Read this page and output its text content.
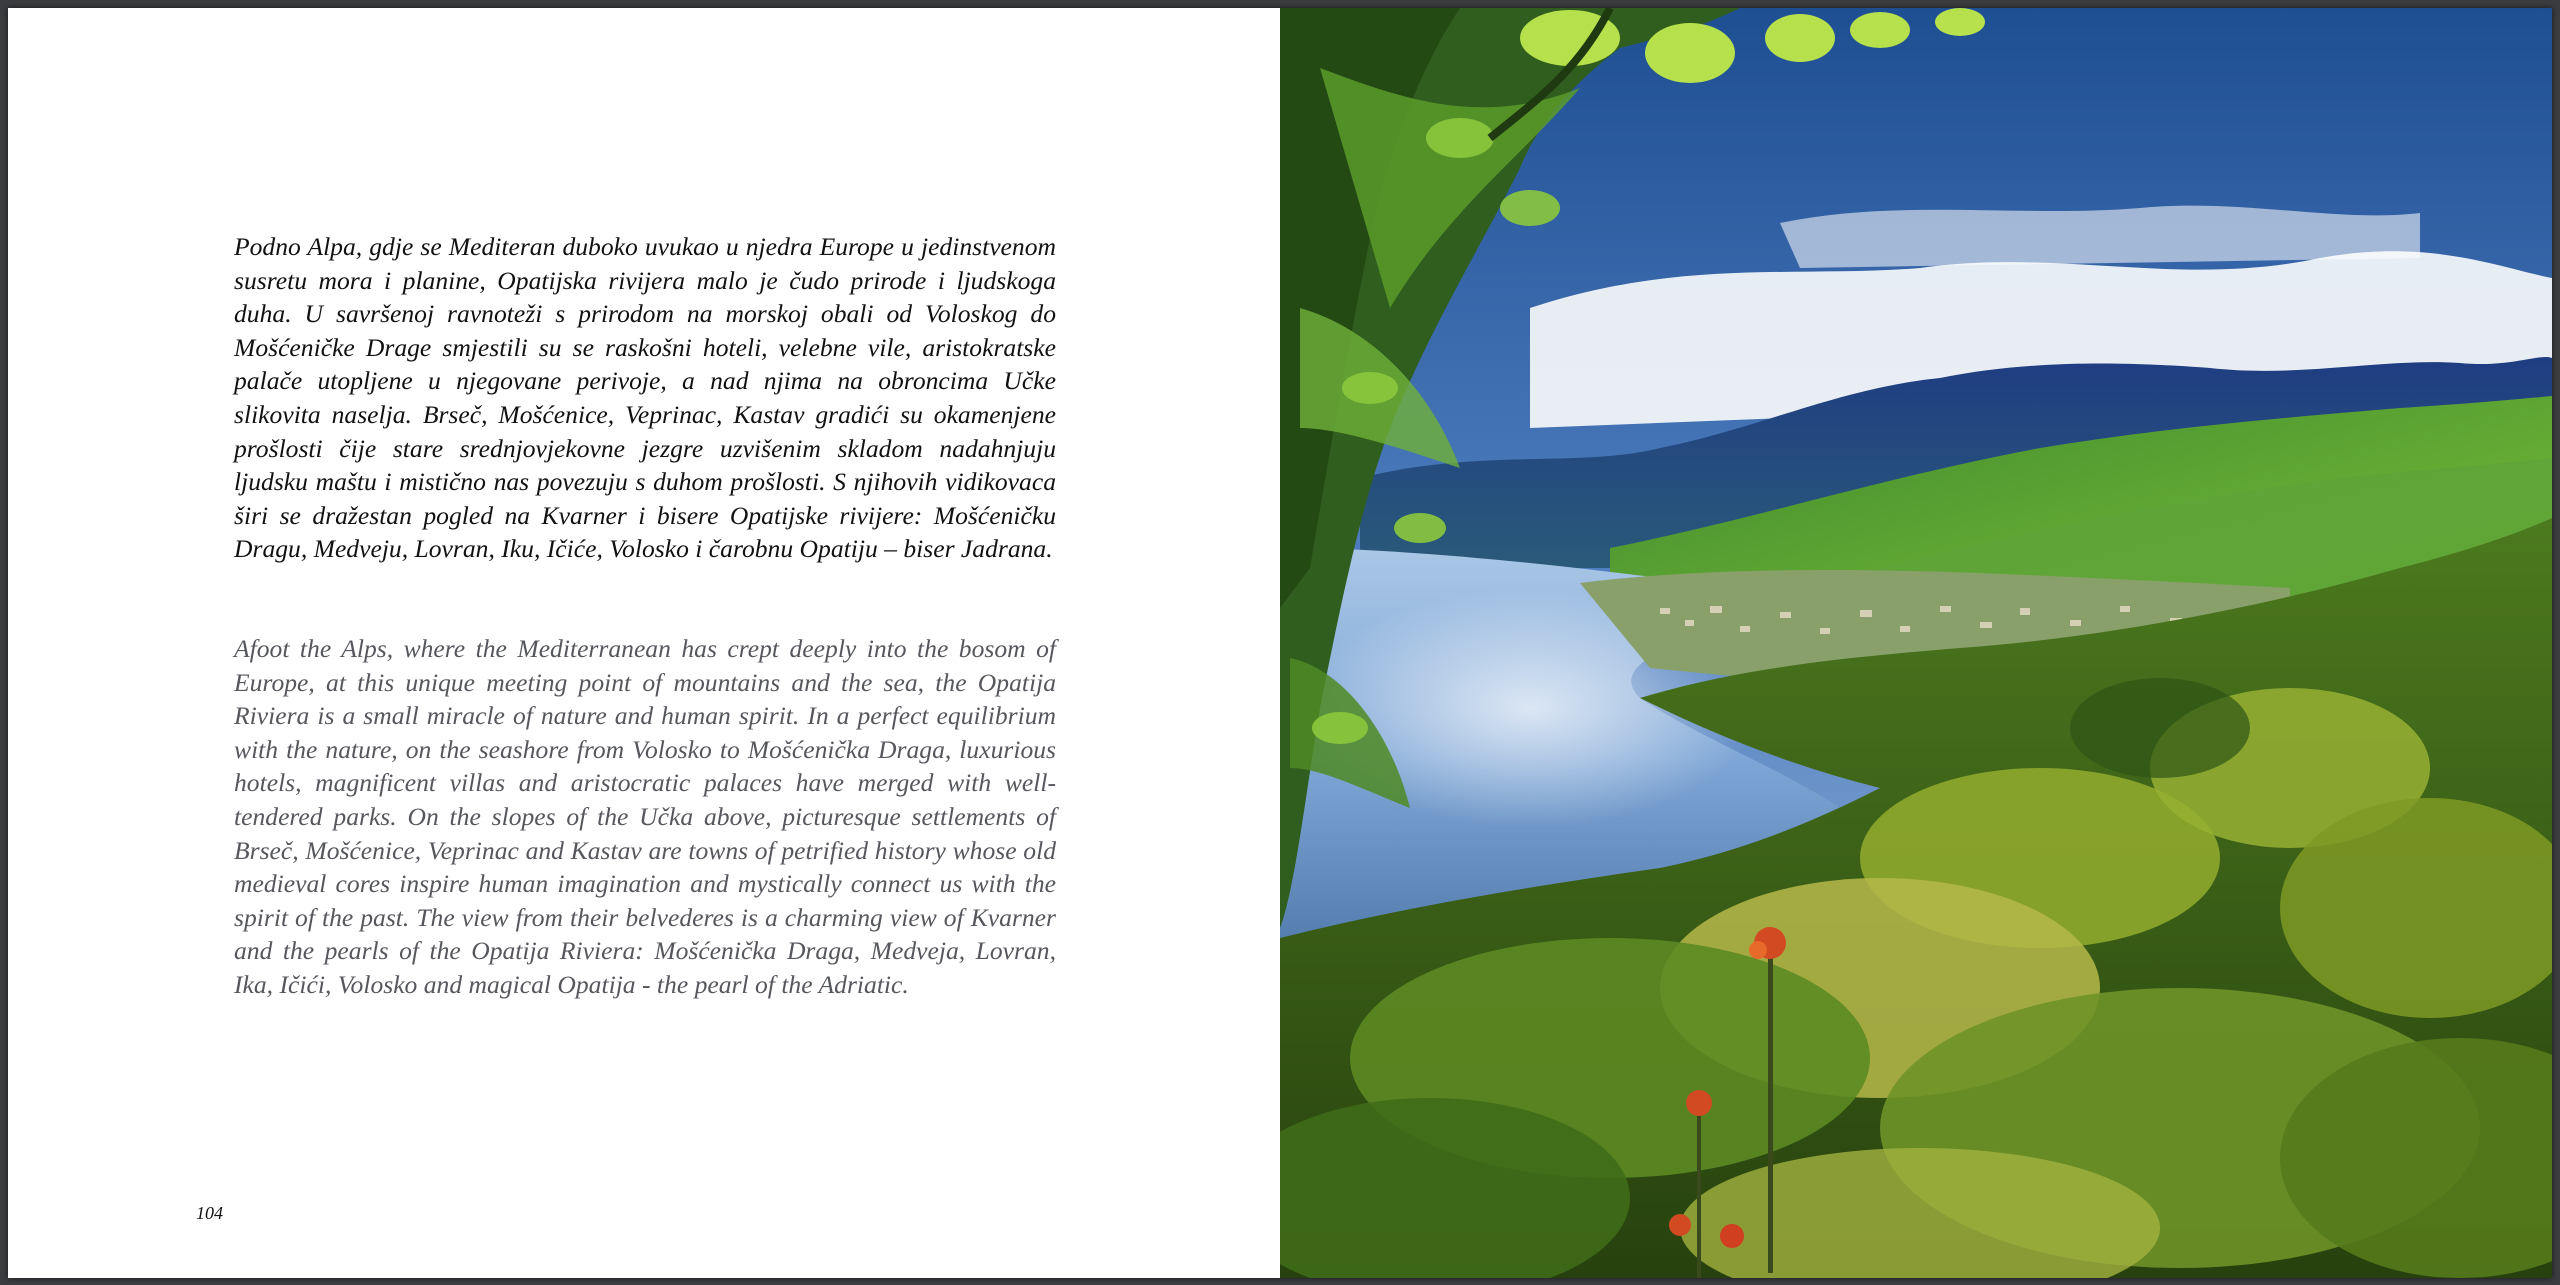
Podno Alpa, gdje se Mediteran duboko uvukao u njedra Europe u jedinstvenom susretu mora i planine, Opatijska rivijera malo je čudo prirode i ljudskoga duha. U savršenoj ravnoteži s prirodom na morskoj obali od Voloskog do Mošćeničke Drage smjestili su se raskošni hoteli, velebne vile, aristokratske palače utopljene u njegovane perivoje, a nad njima na obroncima Učke slikovita naselja. Brseč, Mošćenice, Veprinac, Kastav gradići su okamenjene prošlosti čije stare srednjovjekovne jezgre uzvišenim skladom nadahnjuju ljudsku maštu i mistično nas povezuju s duhom prošlosti. S njihovih vidikovaca širi se dražestan pogled na Kvarner i bisere Opatijske rivijere: Mošćeničku Dragu, Medveju, Lovran, Iku, Ičiće, Volosko i čarobnu Opatiju – biser Jadrana.

Afoot the Alps, where the Mediterranean has crept deeply into the bosom of Europe, at this unique meeting point of mountains and the sea, the Opatija Riviera is a small miracle of nature and human spirit. In a perfect equilibrium with the nature, on the seashore from Volosko to Mošćenička Draga, luxurious hotels, magnificent villas and aristocratic palaces have merged with well-tendered parks. On the slopes of the Učka above, picturesque settlements of Brseč, Mošćenice, Veprinac and Kastav are towns of petrified history whose old medieval cores inspire human imagination and mystically connect us with the spirit of the past. The view from their belvederes is a charming view of Kvarner and the pearls of the Opatija Riviera: Mošćenička Draga, Medveja, Lovran, Ika, Ičići, Volosko and magical Opatija - the pearl of the Adriatic.

104
